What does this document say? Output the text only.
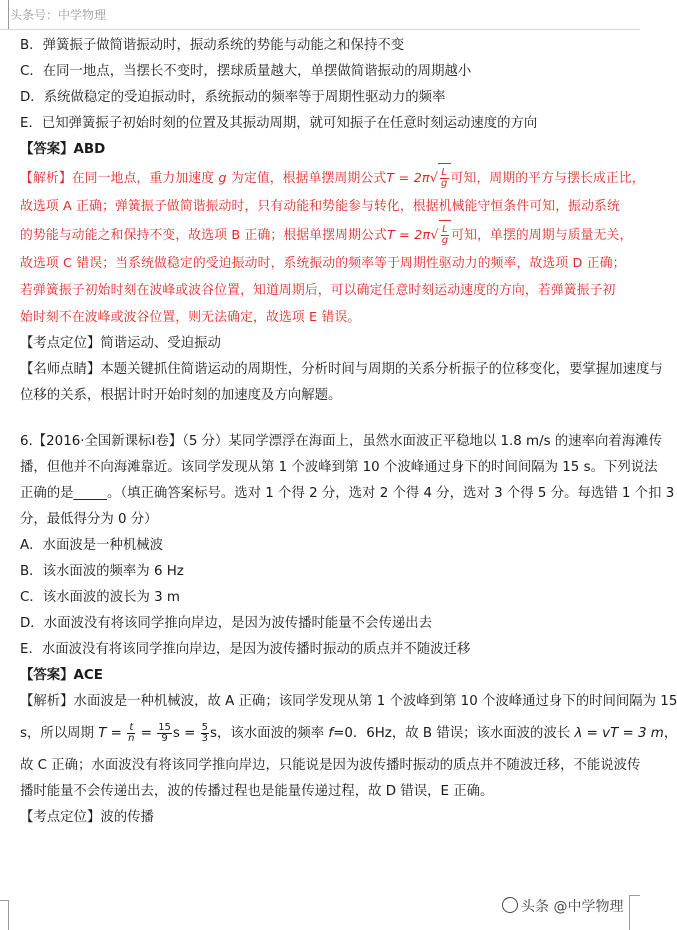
头条号：中学物理
B．弹簧振子做简谐振动时，振动系统的势能与动能之和保持不变
C．在同一地点，当摆长不变时，摆球质量越大，单摆做简谐振动的周期越小
D．系统做稳定的受迫振动时，系统振动的频率等于周期性驱动力的频率
E．已知弹簧振子初始时刻的位置及其振动周期，就可知振子在任意时刻运动速度的方向
【答案】ABD
【解析】在同一地点，重力加速度 g 为定值，根据单摆周期公式$T = 2\pi√ \frac{L}{g}$ 可知，周期的平方与摆长成正比，
故选项 A 正确；弹簧振子做简谐振动时，只有动能和势能参与转化，根据机械能守恒条件可知，振动系统
的势能与动能之和保持不变，故选项 B 正确；根据单摆周期公式$T = 2\pi√ \frac{L}{g}$ 可知，单摆的周期与质量无关，
故选项 C 错误；当系统做稳定的受迫振动时，系统振动的频率等于周期性驱动力的频率，故选项 D 正确；
若弹簧振子初始时刻在波峰或波谷位置，知道周期后，可以确定任意时刻运动速度的方向，若弹簧振子初
始时刻不在波峰或波谷位置，则无法确定，故选项 E 错误。
【考点定位】简谐运动、受迫振动
【名师点睛】本题关键抓住简谐运动的周期性，分析时间与周期的关系分析振子的位移变化，要掌握加速度与
位移的关系，根据计时开始时刻的加速度及方向解题。
6.【2016·全国新课标Ⅰ卷】（5 分）某同学漂浮在海面上，虽然水面波正平稳地以 1.8 m/s 的速率向着海滩传
播，但他并不向海滩靠近。该同学发现从第 1 个波峰到第 10 个波峰通过身下的时间间隔为 15 s。下列说法
正确的是_____。（填正确答案标号。选对 1 个得 2 分，选对 2 个得 4 分，选对 3 个得 5 分。每选错 1 个扣 3
分，最低得分为 0 分）
A．水面波是一种机械波
B．该水面波的频率为 6 Hz
C．该水面波的波长为 3 m
D．水面波没有将该同学推向岸边，是因为波传播时能量不会传递出去
E．水面波没有将该同学推向岸边，是因为波传播时振动的质点并不随波迁移
【答案】ACE
【解析】水面波是一种机械波，故 A 正确；该同学发现从第 1 个波峰到第 10 个波峰通过身下的时间间隔为 15
s，所以周期 $T = \frac{t}{n} = \frac{15}{9}$ $s = \frac{5}{3}$ s，该水面波的频率 f=0．6Hz，故 B 错误；该水面波的波长 λ = vT = 3 m，
故 C 正确；水面波没有将该同学推向岸边，只能说是因为波传播时振动的质点并不随波迁移，不能说波传
播时能量不会传递出去，波的传播过程也是能量传递过程，故 D 错误，E 正确。
【考点定位】波的传播
头条 @中学物理
